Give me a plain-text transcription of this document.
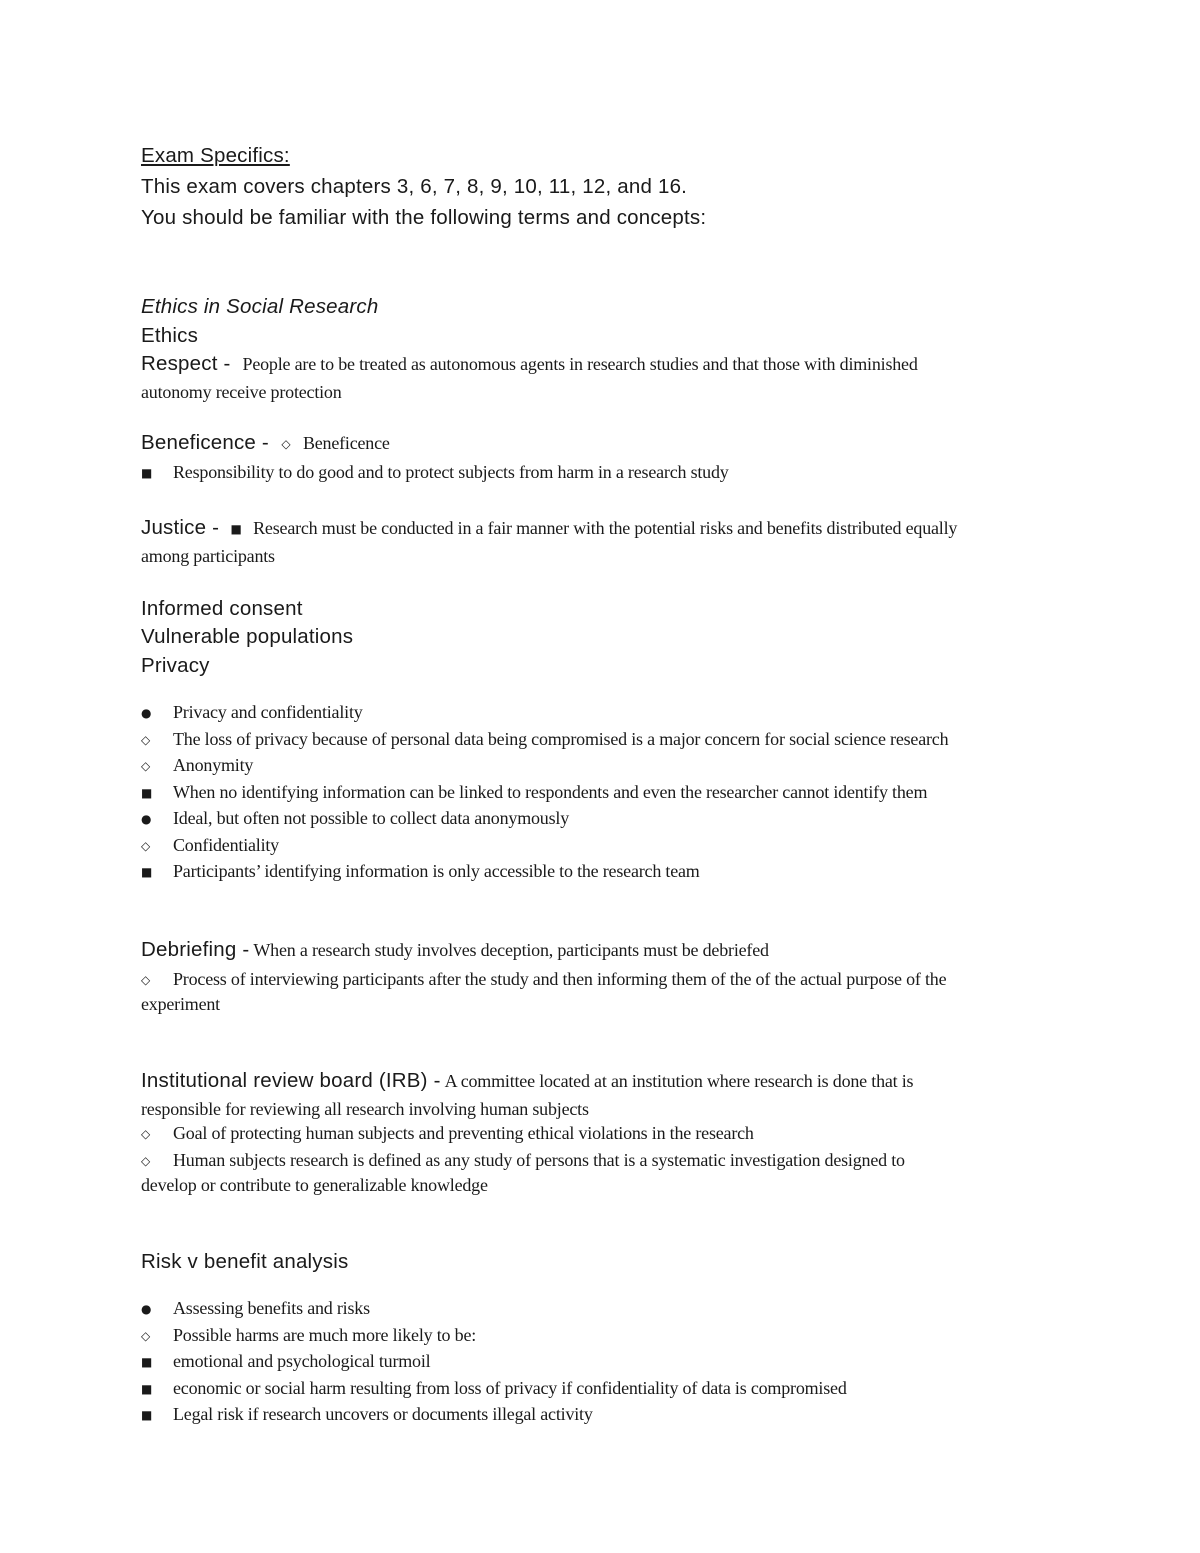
Exam Specifics:
This exam covers chapters 3, 6, 7, 8, 9, 10, 11, 12, and 16.
You should be familiar with the following terms and concepts:
Ethics in Social Research
Ethics
Respect - People are to be treated as autonomous agents in research studies and that those with diminished
autonomy receive protection
Beneficence - ◇ Beneficence
■ Responsibility to do good and to protect subjects from harm in a research study
Justice - ■ Research must be conducted in a fair manner with the potential risks and benefits distributed equally
among participants
Informed consent
Vulnerable populations
Privacy
● Privacy and confidentiality
◇ The loss of privacy because of personal data being compromised is a major concern for social science research
◇ Anonymity
■ When no identifying information can be linked to respondents and even the researcher cannot identify them
● Ideal, but often not possible to collect data anonymously
◇ Confidentiality
■ Participants’ identifying information is only accessible to the research team
Debriefing - When a research study involves deception, participants must be debriefed
◇ Process of interviewing participants after the study and then informing them of the of the actual purpose of the
experiment
Institutional review board (IRB) - A committee located at an institution where research is done that is
responsible for reviewing all research involving human subjects
◇ Goal of protecting human subjects and preventing ethical violations in the research
◇ Human subjects research is defined as any study of persons that is a systematic investigation designed to
develop or contribute to generalizable knowledge
Risk v benefit analysis
● Assessing benefits and risks
◇ Possible harms are much more likely to be:
■ emotional and psychological turmoil
■ economic or social harm resulting from loss of privacy if confidentiality of data is compromised
■ Legal risk if research uncovers or documents illegal activity
